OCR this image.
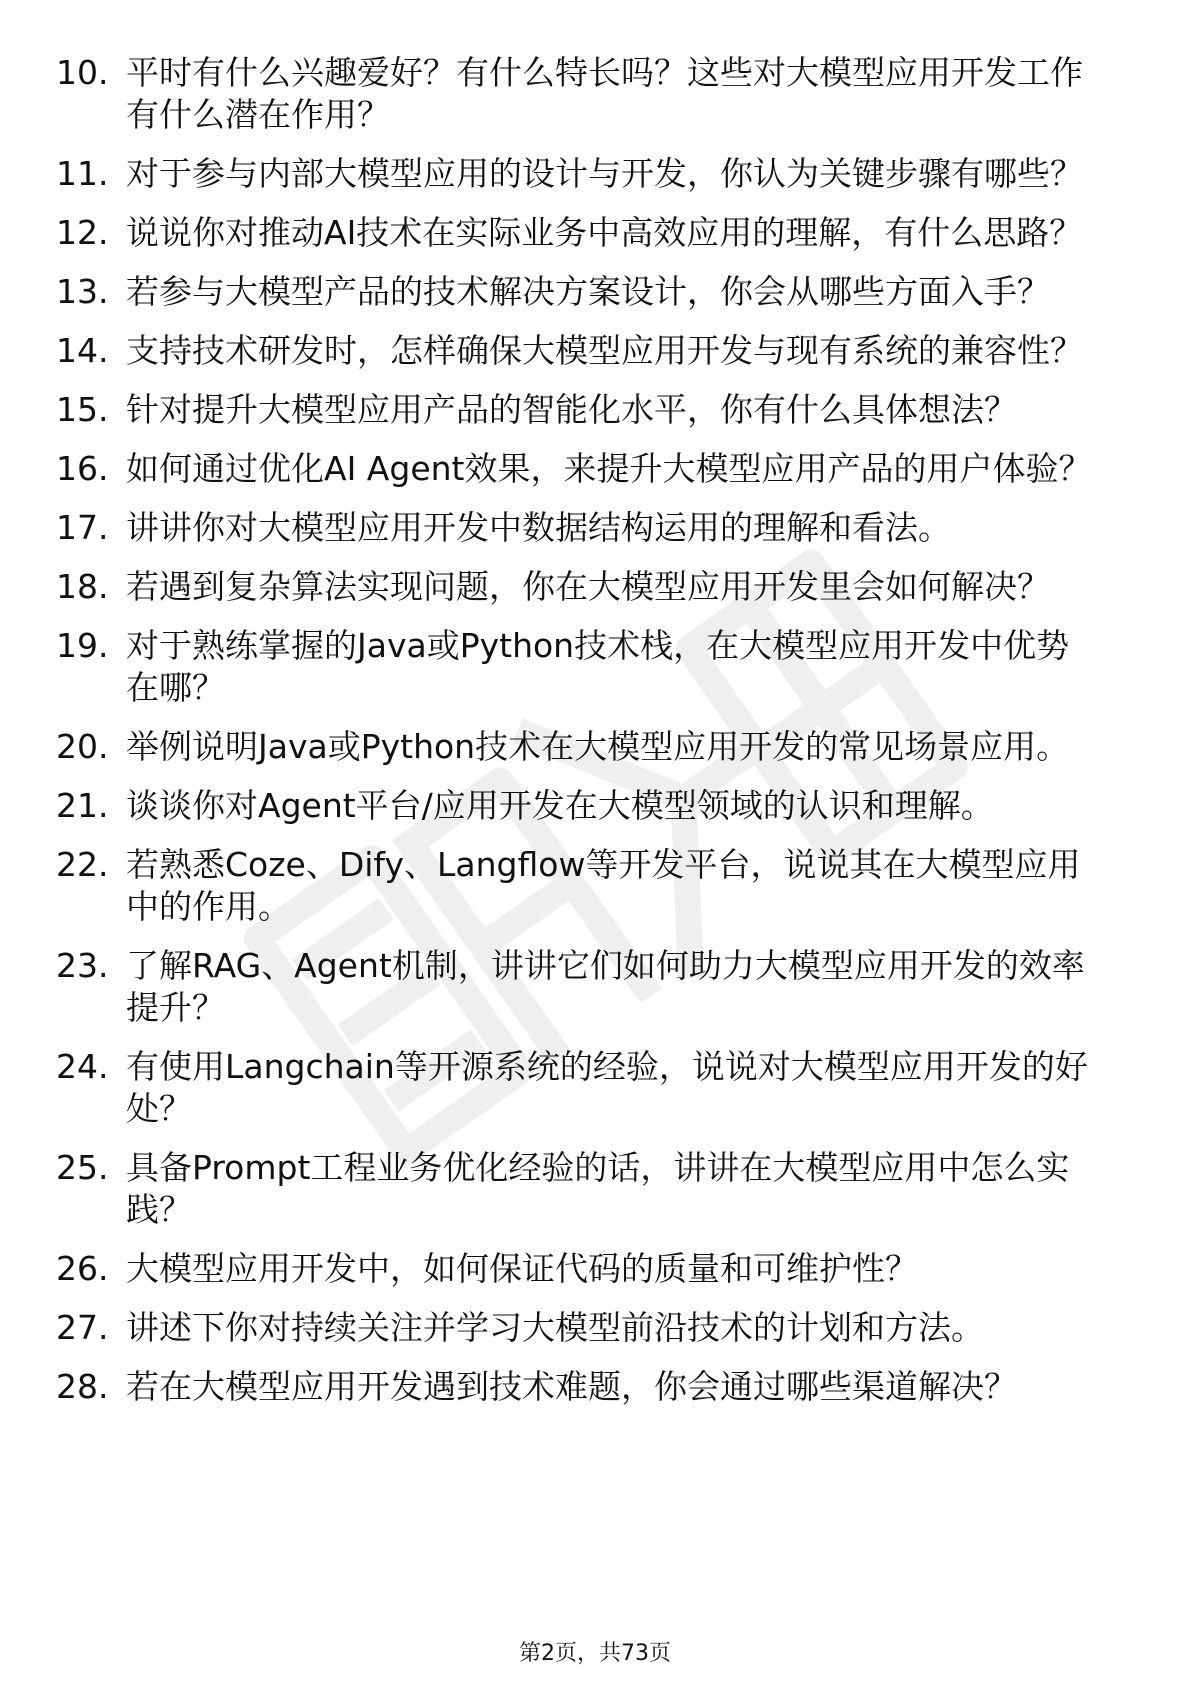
10. 平时有什么兴趣爱好？有什么特长吗？这些对大模型应用开发工作有什么潜在作用？
11. 对于参与内部大模型应用的设计与开发，你认为关键步骤有哪些？
12. 说说你对推动AI技术在实际业务中高效应用的理解，有什么思路？
13. 若参与大模型产品的技术解决方案设计，你会从哪些方面入手？
14. 支持技术研发时，怎样确保大模型应用开发与现有系统的兼容性？
15. 针对提升大模型应用产品的智能化水平，你有什么具体想法？
16. 如何通过优化AI Agent效果，来提升大模型应用产品的用户体验？
17. 讲讲你对大模型应用开发中数据结构运用的理解和看法。
18. 若遇到复杂算法实现问题，你在大模型应用开发里会如何解决？
19. 对于熟练掌握的Java或Python技术栈，在大模型应用开发中优势在哪？
20. 举例说明Java或Python技术在大模型应用开发的常见场景应用。
21. 谈谈你对Agent平台/应用开发在大模型领域的认识和理解。
22. 若熟悉Coze、Dify、Langflow等开发平台，说说其在大模型应用中的作用。
23. 了解RAG、Agent机制，讲讲它们如何助力大模型应用开发的效率提升？
24. 有使用Langchain等开源系统的经验，说说对大模型应用开发的好处？
25. 具备Prompt工程业务优化经验的话，讲讲在大模型应用中怎么实践？
26. 大模型应用开发中，如何保证代码的质量和可维护性？
27. 讲述下你对持续关注并学习大模型前沿技术的计划和方法。
28. 若在大模型应用开发遇到技术难题，你会通过哪些渠道解决？
第2页，共73页
